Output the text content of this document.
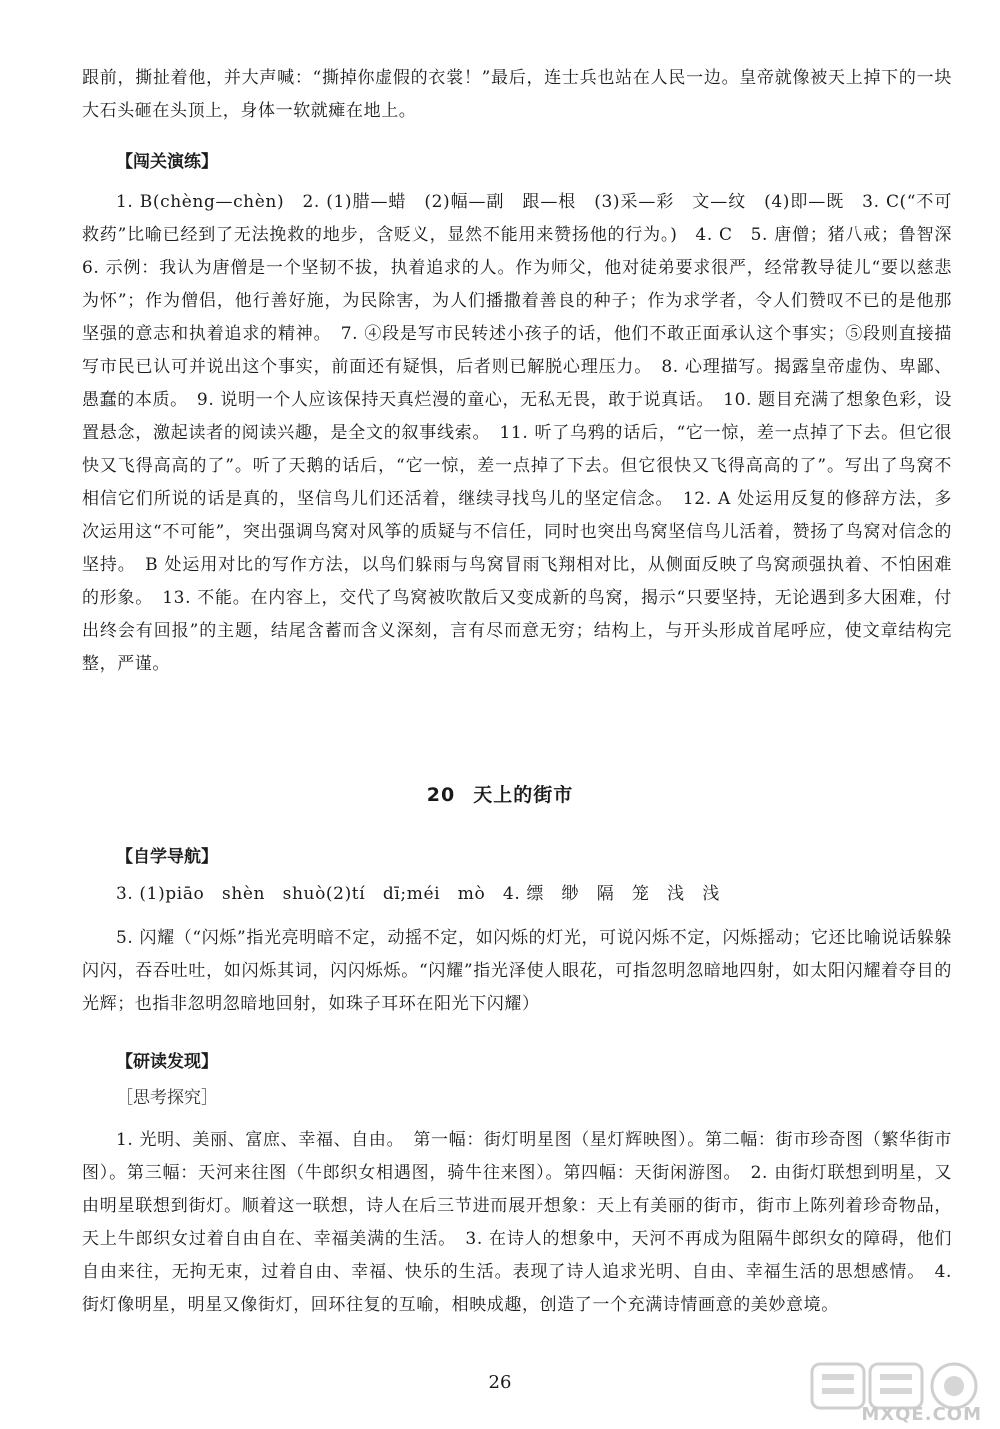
跟前，撕扯着他，并大声喊：“撕掉你虚假的衣裳！”最后，连士兵也站在人民一边。皇帝就像被天上掉下的一块大石头砸在头顶上，身体一软就瘫在地上。

【闯关演练】

1. B(chèng—chèn)　2. (1)腊—蜡　(2)幅—副　跟—根　(3)采—彩　文—纹　(4)即—既　3. C(“不可救药”比喻已经到了无法挽救的地步，含贬义，显然不能用来赞扬他的行为。)　4. C　5. 唐僧；猪八戒；鲁智深　6. 示例：我认为唐僧是一个坚韧不拔，执着追求的人。作为师父，他对徒弟要求很严，经常教导徒儿“要以慈悲为怀”；作为僧侣，他行善好施，为民除害，为人们播撒着善良的种子；作为求学者，令人们赞叹不已的是他那坚强的意志和执着追求的精神。　7. ④段是写市民转述小孩子的话，他们不敢正面承认这个事实；⑤段则直接描写市民已认可并说出这个事实，前面还有疑惧，后者则已解脱心理压力。　8. 心理描写。揭露皇帝虚伪、卑鄙、愚蠢的本质。　9. 说明一个人应该保持天真烂漫的童心，无私无畏，敢于说真话。　10. 题目充满了想象色彩，设置悬念，激起读者的阅读兴趣，是全文的叙事线索。　11. 听了乌鸦的话后，“它一惊，差一点掉了下去。但它很快又飞得高高的了”。听了天鹅的话后，“它一惊，差一点掉了下去。但它很快又飞得高高的了”。写出了鸟窝不相信它们所说的话是真的，坚信鸟儿们还活着，继续寻找鸟儿的坚定信念。　12. A 处运用反复的修辞方法，多次运用这“不可能”，突出强调鸟窝对风筝的质疑与不信任，同时也突出鸟窝坚信鸟儿活着，赞扬了鸟窝对信念的坚持。　B 处运用对比的写作方法，以鸟们躲雨与鸟窝冒雨飞翔相对比，从侧面反映了鸟窝顽强执着、不怕困难的形象。　13. 不能。在内容上，交代了鸟窝被吹散后又变成新的鸟窝，揭示“只要坚持，无论遇到多大困难，付出终会有回报”的主题，结尾含蓄而含义深刻，言有尽而意无穷；结构上，与开头形成首尾呼应，使文章结构完整，严谨。

20 天上的街市

【自学导航】

3. (1)piāo　shèn　shuò(2)tí　dī;méi　mò　4. 缥　缈　隔　笼　浅　浅

5. 闪耀（“闪烁”指光亮明暗不定，动摇不定，如闪烁的灯光，可说闪烁不定，闪烁摇动；它还比喻说话躲躲闪闪，吞吞吐吐，如闪烁其词，闪闪烁烁。“闪耀”指光泽使人眼花，可指忽明忽暗地四射，如太阳闪耀着夺目的光辉；也指非忽明忽暗地回射，如珠子耳环在阳光下闪耀）

【研读发现】

［思考探究］

1. 光明、美丽、富庶、幸福、自由。　第一幅：街灯明星图（星灯辉映图）。第二幅：街市珍奇图（繁华街市图）。第三幅：天河来往图（牛郎织女相遇图，骑牛往来图）。第四幅：天街闲游图。　2. 由街灯联想到明星，又由明星联想到街灯。顺着这一联想，诗人在后三节进而展开想象：天上有美丽的街市，街市上陈列着珍奇物品，天上牛郎织女过着自由自在、幸福美满的生活。　3. 在诗人的想象中，天河不再成为阻隔牛郎织女的障碍，他们自由来往，无拘无束，过着自由、幸福、快乐的生活。表现了诗人追求光明、自由、幸福生活的思想感情。　4. 街灯像明星，明星又像街灯，回环往复的互喻，相映成趣，创造了一个充满诗情画意的美妙意境。

26

MXQE.COM
